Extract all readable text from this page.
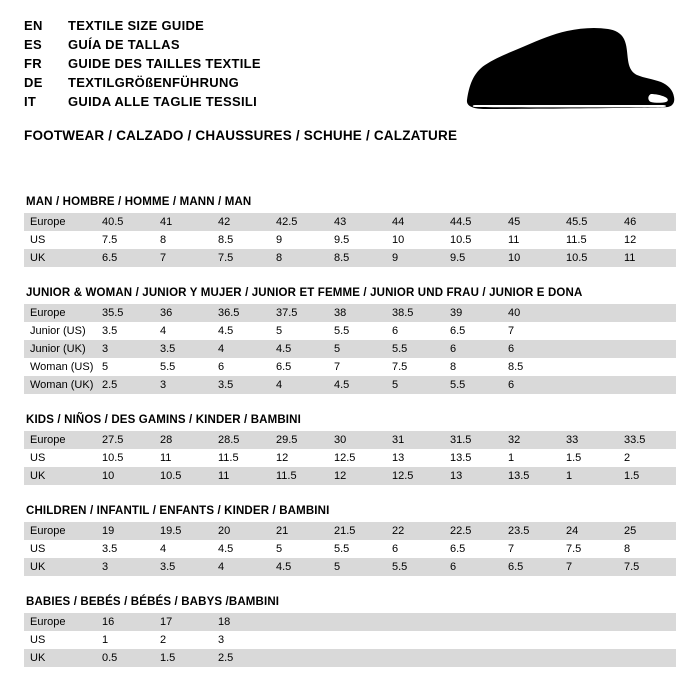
EN	TEXTILE SIZE GUIDE
ES	GUÍA DE TALLAS
FR	GUIDE DES TAILLES TEXTILE
DE	TEXTILGRÖßENFÜHRUNG
IT	GUIDA ALLE TAGLIE TESSILI
FOOTWEAR / CALZADO / CHAUSSURES / SCHUHE / CALZATURE
MAN / HOMBRE / HOMME / MANN / MAN
Europe	40.5	41	42	42.5	43	44	44.5	45	45.5	46
US	7.5	8	8.5	9	9.5	10	10.5	11	11.5	12
UK	6.5	7	7.5	8	8.5	9	9.5	10	10.5	11
JUNIOR & WOMAN / JUNIOR Y MUJER / JUNIOR ET FEMME / JUNIOR UND FRAU / JUNIOR E DONA
Europe	35.5	36	36.5	37.5	38	38.5	39	40		
Junior (US)	3.5	4	4.5	5	5.5	6	6.5	7		
Junior (UK)	3	3.5	4	4.5	5	5.5	6	6		
Woman (US)	5	5.5	6	6.5	7	7.5	8	8.5		
Woman (UK)	2.5	3	3.5	4	4.5	5	5.5	6		
KIDS / NIÑOS / DES GAMINS / KINDER / BAMBINI
Europe	27.5	28	28.5	29.5	30	31	31.5	32	33	33.5
US	10.5	11	11.5	12	12.5	13	13.5	1	1.5	2
UK	10	10.5	11	11.5	12	12.5	13	13.5	1	1.5
CHILDREN / INFANTIL / ENFANTS / KINDER / BAMBINI
Europe	19	19.5	20	21	21.5	22	22.5	23.5	24	25
US	3.5	4	4.5	5	5.5	6	6.5	7	7.5	8
UK	3	3.5	4	4.5	5	5.5	6	6.5	7	7.5
BABIES / BEBÉS / BÉBÉS / BABYS /BAMBINI
Europe	16	17	18							
US	1	2	3							
UK	0.5	1.5	2.5							
